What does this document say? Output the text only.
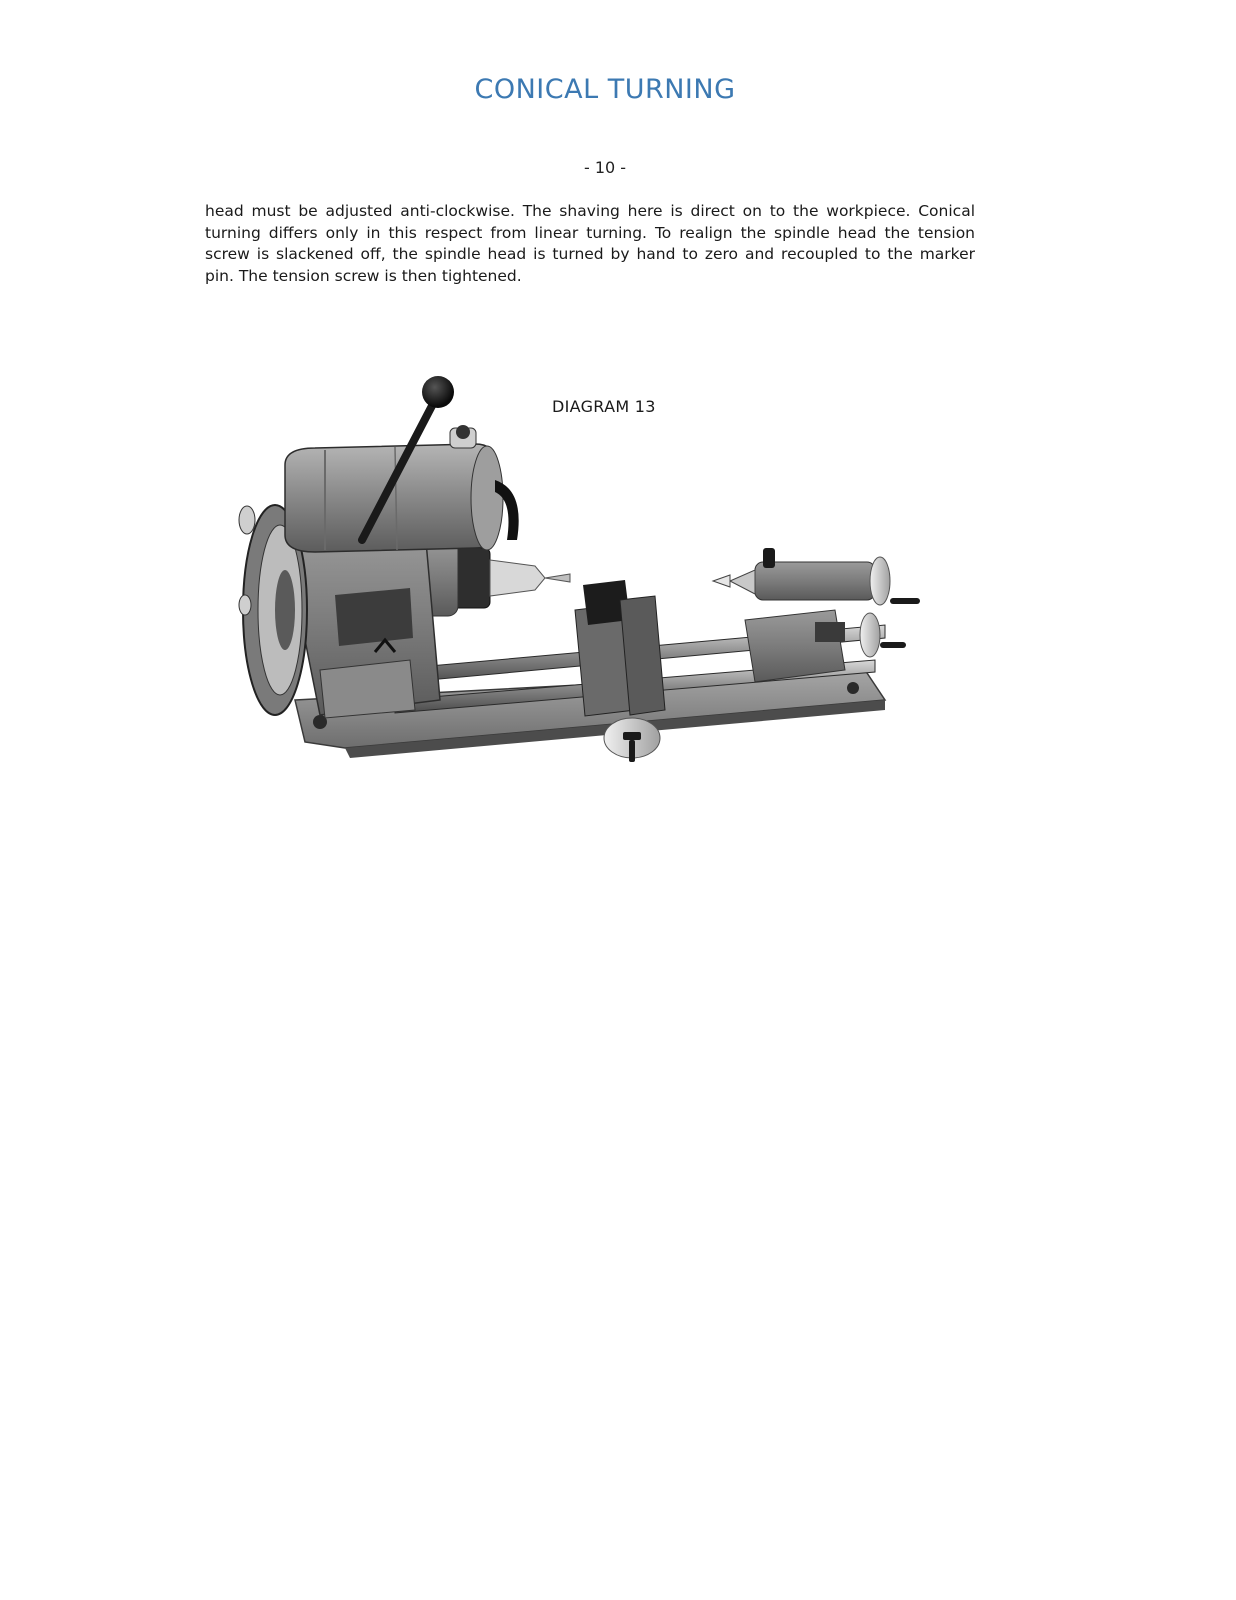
CONICAL TURNING
- 10 -

head must be adjusted anti-clockwise. The shaving here is direct on to the workpiece. Conical turning differs only in this respect from linear turning. To realign the spindle head the tension screw is slackened off, the spindle head is turned by hand to zero and recoupled to the marker pin. The tension screw is then tightened.

DIAGRAM 13
